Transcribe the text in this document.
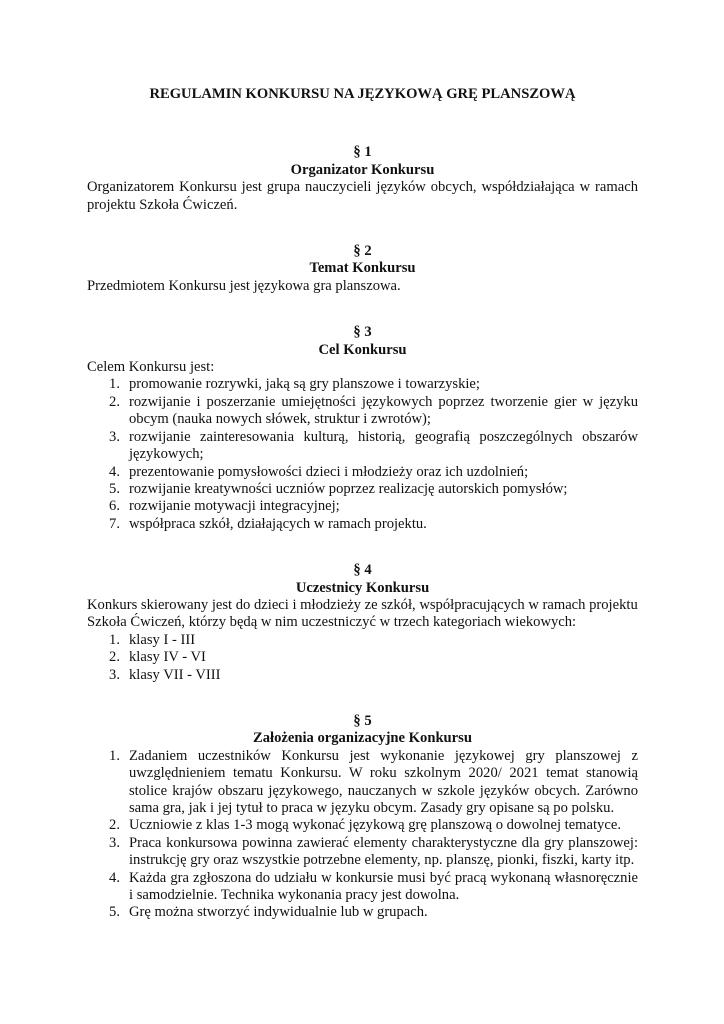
REGULAMIN KONKURSU NA JĘZYKOWĄ GRĘ PLANSZOWĄ

§ 1

Organizator Konkursu

Organizatorem Konkursu jest grupa nauczycieli języków obcych, współdziałająca w ramach projektu Szkoła Ćwiczeń.

§ 2

Temat Konkursu

Przedmiotem Konkursu jest językowa gra planszowa.

§ 3

Cel Konkursu

Celem Konkursu jest:

1. promowanie rozrywki, jaką są gry planszowe i towarzyskie;
2. rozwijanie i poszerzanie umiejętności językowych poprzez tworzenie gier w języku obcym (nauka nowych słówek, struktur i zwrotów);
3. rozwijanie zainteresowania kulturą, historią, geografią poszczególnych obszarów językowych;
4. prezentowanie pomysłowości dzieci i młodzieży oraz ich uzdolnień;
5. rozwijanie kreatywności uczniów poprzez realizację autorskich pomysłów;
6. rozwijanie motywacji integracyjnej;
7. współpraca szkół, działających w ramach projektu.

§ 4

Uczestnicy Konkursu

Konkurs skierowany jest do dzieci i młodzieży ze szkół, współpracujących w ramach projektu Szkoła Ćwiczeń, którzy będą w nim uczestniczyć w trzech kategoriach wiekowych:

1. klasy I - III
2. klasy IV - VI
3. klasy VII - VIII

§ 5

Założenia organizacyjne Konkursu

1. Zadaniem uczestników Konkursu jest wykonanie językowej gry planszowej z uwzględnieniem tematu Konkursu. W roku szkolnym 2020/ 2021 temat stanowią stolice krajów obszaru językowego, nauczanych w szkole języków obcych. Zarówno sama gra, jak i jej tytuł to praca w języku obcym. Zasady gry opisane są po polsku.
2. Uczniowie z klas 1-3 mogą wykonać językową grę planszową o dowolnej tematyce.
3. Praca konkursowa powinna zawierać elementy charakterystyczne dla gry planszowej: instrukcję gry oraz wszystkie potrzebne elementy, np. planszę, pionki, fiszki, karty itp.
4. Każda gra zgłoszona do udziału w konkursie musi być pracą wykonaną własnoręcznie i samodzielnie. Technika wykonania pracy jest dowolna.
5. Grę można stworzyć indywidualnie lub w grupach.
